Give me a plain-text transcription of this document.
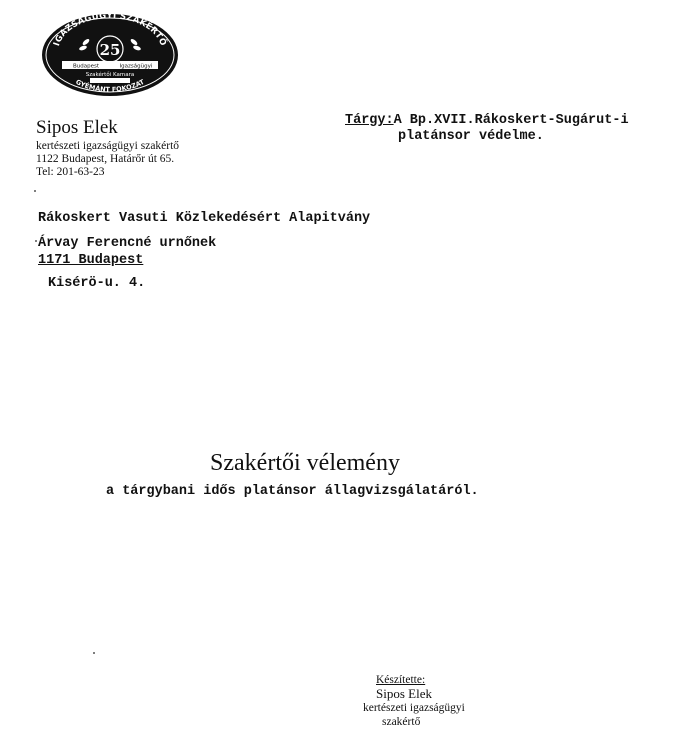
IGAZSÁGÜGYI SZAKÉRTŐ
25
Budapest	Igazságügyi
Szakértői Kamara
GYÉMÁNT FOKOZAT
Sipos Elek
kertészeti igazságügyi szakértő
1122 Budapest, Határőr út 65.
Tel: 201-63-23
Tárgy:A Bp.XVII.Rákoskert-Sugárut-i
platánsor védelme.
Rákoskert Vasuti Közlekedésért Alapitvány
Árvay Ferencné urnőnek
1171 Budapest
Kisérö-u. 4.
Szakértői vélemény
a tárgybani idős platánsor állagvizsgálatáról.
Készítette:
Sipos Elek
kertészeti igazságügyi
szakértő
